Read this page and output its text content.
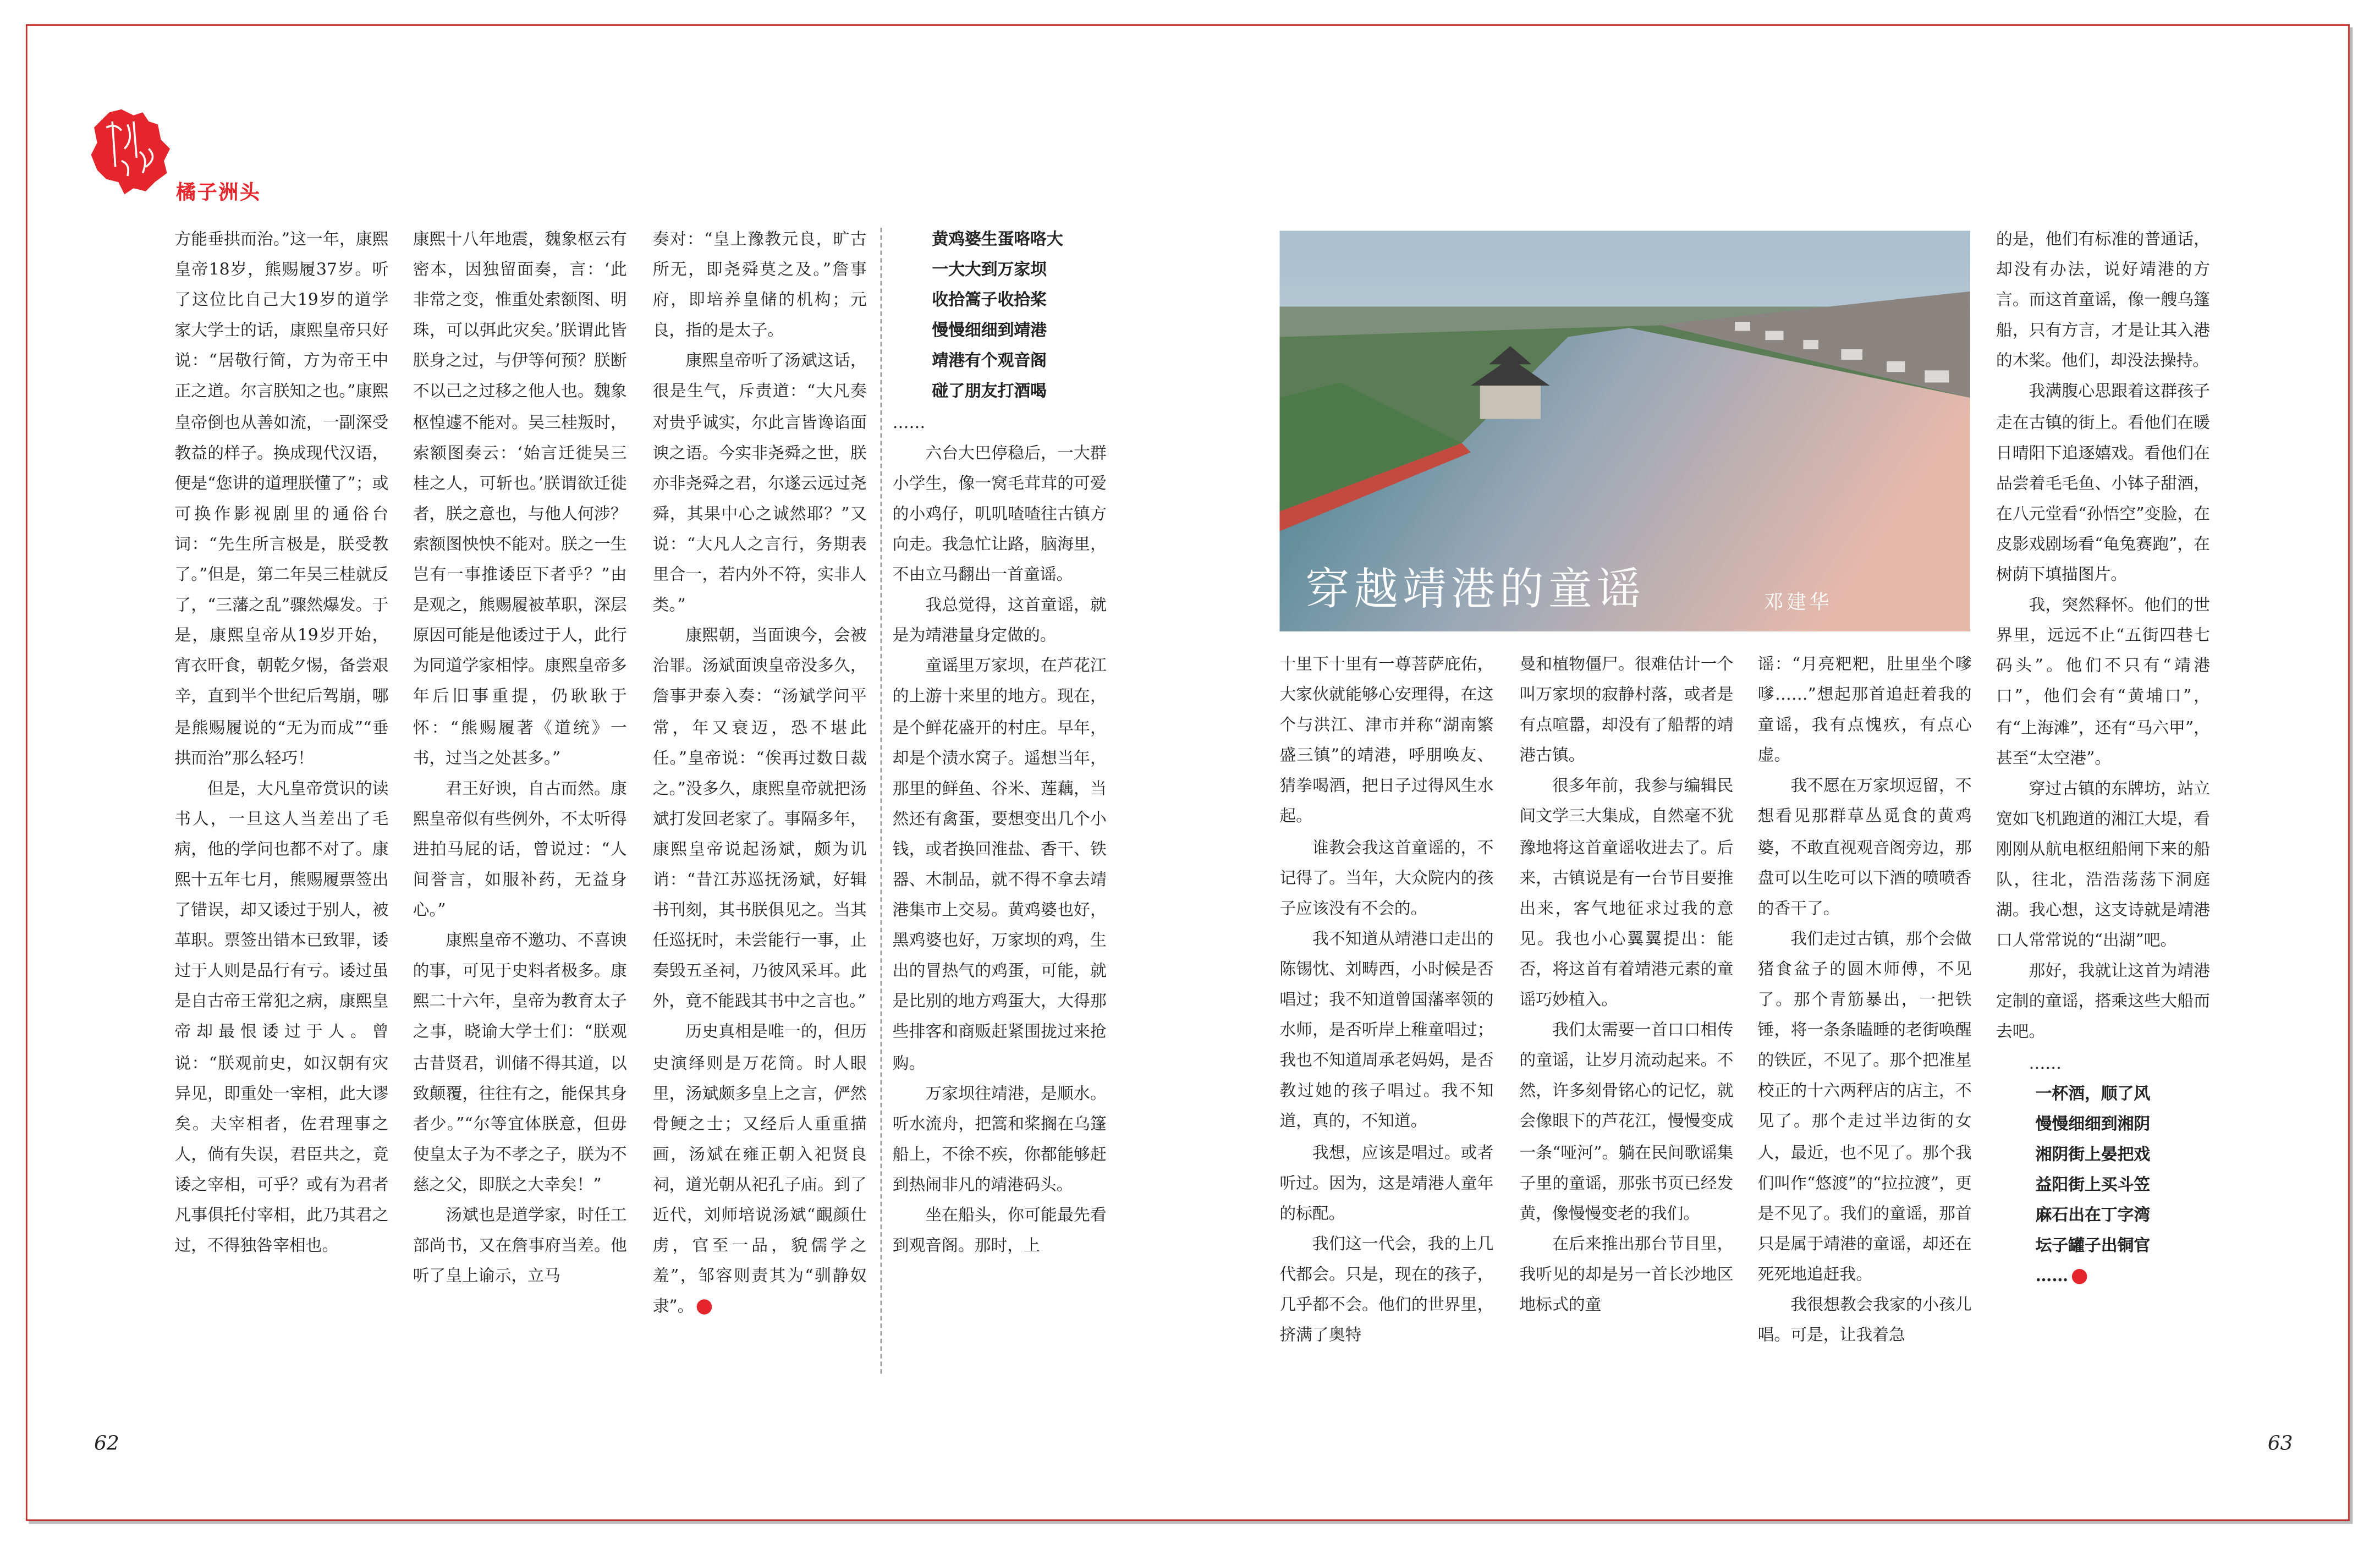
橘子洲头

方能垂拱而治。”这一年，康熙皇帝18岁，熊赐履37岁。听了这位比自己大19岁的道学家大学士的话，康熙皇帝只好说：“居敬行简，方为帝王中正之道。尔言朕知之也。”康熙皇帝倒也从善如流，一副深受教益的样子。换成现代汉语，便是“您讲的道理朕懂了”；或可换作影视剧里的通俗台词：“先生所言极是，朕受教了。”但是，第二年吴三桂就反了，“三藩之乱”骤然爆发。于是，康熙皇帝从19岁开始，宵衣旰食，朝乾夕惕，备尝艰辛，直到半个世纪后驾崩，哪是熊赐履说的“无为而成”“垂拱而治”那么轻巧！

但是，大凡皇帝赏识的读书人，一旦这人当差出了毛病，他的学问也都不对了。康熙十五年七月，熊赐履票签出了错误，却又诿过于别人，被革职。票签出错本已致罪，诿过于人则是品行有亏。诿过虽是自古帝王常犯之病，康熙皇帝却最恨诿过于人。曾说：“朕观前史，如汉朝有灾异见，即重处一宰相，此大谬矣。夫宰相者，佐君理事之人，倘有失误，君臣共之，竟诿之宰相，可乎？或有为君者凡事俱托付宰相，此乃其君之过，不得独咎宰相也。

康熙十八年地震，魏象枢云有密本，因独留面奏，言：‘此非常之变，惟重处索额图、明珠，可以弭此灾矣。’朕谓此皆朕身之过，与伊等何预？朕断不以己之过移之他人也。魏象枢惶遽不能对。吴三桂叛时，索额图奏云：‘始言迁徙吴三桂之人，可斩也。’朕谓欲迁徙者，朕之意也，与他人何涉？索额图怏怏不能对。朕之一生岂有一事推诿臣下者乎？”由是观之，熊赐履被革职，深层原因可能是他诿过于人，此行为同道学家相悖。康熙皇帝多年后旧事重提，仍耿耿于怀：“熊赐履著《道统》一书，过当之处甚多。”

君王好谀，自古而然。康熙皇帝似有些例外，不太听得进拍马屁的话，曾说过：“人间誉言，如服补药，无益身心。”

康熙皇帝不邀功、不喜谀的事，可见于史料者极多。康熙二十六年，皇帝为教育太子之事，晓谕大学士们：“朕观古昔贤君，训储不得其道，以致颠覆，往往有之，能保其身者少。”“尔等宜体朕意，但毋使皇太子为不孝之子，朕为不慈之父，即朕之大幸矣！”

汤斌也是道学家，时任工部尚书，又在詹事府当差。他听了皇上谕示，立马

奏对：“皇上豫教元良，旷古所无，即尧舜莫之及。”詹事府，即培养皇储的机构；元良，指的是太子。

康熙皇帝听了汤斌这话，很是生气，斥责道：“大凡奏对贵乎诚实，尔此言皆谗谄面谀之语。今实非尧舜之世，朕亦非尧舜之君，尔遂云远过尧舜，其果中心之诚然耶？”又说：“大凡人之言行，务期表里合一，若内外不符，实非人类。”

康熙朝，当面谀今，会被治罪。汤斌面谀皇帝没多久，詹事尹泰入奏：“汤斌学问平常，年又衰迈，恐不堪此任。”皇帝说：“俟再过数日裁之。”没多久，康熙皇帝就把汤斌打发回老家了。事隔多年，康熙皇帝说起汤斌，颇为讥诮：“昔江苏巡抚汤斌，好辑书刊刻，其书朕俱见之。当其任巡抚时，未尝能行一事，止奏毁五圣祠，乃彼风采耳。此外，竟不能践其书中之言也。”

历史真相是唯一的，但历史演绎则是万花筒。时人眼里，汤斌颇多皇上之言，俨然骨鲠之士；又经后人重重描画，汤斌在雍正朝入祀贤良祠，道光朝从祀孔子庙。到了近代，刘师培说汤斌“靦颜仕虏，官至一品，貌儒学之羞”，邹容则责其为“驯静奴隶”。

黄鸡婆生蛋咯咯大

一大大到万家坝

收拾篙子收拾桨

慢慢细细到靖港

靖港有个观音阁

碰了朋友打酒喝

……

六台大巴停稳后，一大群小学生，像一窝毛茸茸的可爱的小鸡仔，叽叽喳喳往古镇方向走。我急忙让路，脑海里，不由立马翻出一首童谣。

我总觉得，这首童谣，就是为靖港量身定做的。

童谣里万家坝，在芦花江的上游十来里的地方。现在，是个鲜花盛开的村庄。早年，却是个渍水窝子。遥想当年，那里的鲜鱼、谷米、莲藕，当然还有禽蛋，要想变出几个小钱，或者换回淮盐、香干、铁器、木制品，就不得不拿去靖港集市上交易。黄鸡婆也好，黑鸡婆也好，万家坝的鸡，生出的冒热气的鸡蛋，可能，就是比别的地方鸡蛋大，大得那些排客和商贩赶紧围拢过来抢购。

万家坝往靖港，是顺水。听水流舟，把篙和桨搁在乌篷船上，不徐不疾，你都能够赶到热闹非凡的靖港码头。

坐在船头，你可能最先看到观音阁。那时，上

穿越靖港的童谣	邓建华

十里下十里有一尊菩萨庇佑，大家伙就能够心安理得，在这个与洪江、津市并称“湖南繁盛三镇”的靖港，呼朋唤友、猜拳喝酒，把日子过得风生水起。

谁教会我这首童谣的，不记得了。当年，大众院内的孩子应该没有不会的。

我不知道从靖港口走出的陈锡忱、刘畴西，小时候是否唱过；我不知道曾国藩率领的水师，是否听岸上稚童唱过；我也不知道周承老妈妈，是否教过她的孩子唱过。我不知道，真的，不知道。

我想，应该是唱过。或者听过。因为，这是靖港人童年的标配。

我们这一代会，我的上几代都会。只是，现在的孩子，几乎都不会。他们的世界里，挤满了奥特

曼和植物僵尸。很难估计一个叫万家坝的寂静村落，或者是有点喧嚣，却没有了船帮的靖港古镇。

很多年前，我参与编辑民间文学三大集成，自然毫不犹豫地将这首童谣收进去了。后来，古镇说是有一台节目要推出来，客气地征求过我的意见。我也小心翼翼提出：能否，将这首有着靖港元素的童谣巧妙植入。

我们太需要一首口口相传的童谣，让岁月流动起来。不然，许多刻骨铭心的记忆，就会像眼下的芦花江，慢慢变成一条“哑河”。躺在民间歌谣集子里的童谣，那张书页已经发黄，像慢慢变老的我们。

在后来推出那台节目里，我听见的却是另一首长沙地区地标式的童

谣：“月亮粑粑，肚里坐个嗲嗲……”想起那首追赶着我的童谣，我有点愧疚，有点心虚。

我不愿在万家坝逗留，不想看见那群草丛觅食的黄鸡婆，不敢直视观音阁旁边，那盘可以生吃可以下酒的喷喷香的香干了。

我们走过古镇，那个会做猪食盆子的圆木师傅，不见了。那个青筋暴出，一把铁锤，将一条条瞌睡的老街唤醒的铁匠，不见了。那个把准星校正的十六两秤店的店主，不见了。那个走过半边街的女人，最近，也不见了。那个我们叫作“悠渡”的“拉拉渡”，更是不见了。我们的童谣，那首只是属于靖港的童谣，却还在死死地追赶我。

我很想教会我家的小孩儿唱。可是，让我着急

的是，他们有标准的普通话，却没有办法，说好靖港的方言。而这首童谣，像一艘乌篷船，只有方言，才是让其入港的木桨。他们，却没法操持。

我满腹心思跟着这群孩子走在古镇的街上。看他们在暖日晴阳下追逐嬉戏。看他们在品尝着毛毛鱼、小钵子甜酒，在八元堂看“孙悟空”变脸，在皮影戏剧场看“龟兔赛跑”，在树荫下填描图片。

我，突然释怀。他们的世界里，远远不止“五街四巷七码头”。他们不只有“靖港口”，他们会有“黄埔口”，有“上海滩”，还有“马六甲”，甚至“太空港”。

穿过古镇的东牌坊，站立宽如飞机跑道的湘江大堤，看刚刚从航电枢纽船闸下来的船队，往北，浩浩荡荡下洞庭湖。我心想，这支诗就是靖港口人常常说的“出湖”吧。

那好，我就让这首为靖港定制的童谣，搭乘这些大船而去吧。

　　……

一杯酒，顺了风

慢慢细细到湘阴

湘阴街上晏把戏

益阳街上买斗笠

麻石出在丁字湾

坛子罐子出铜官

……

62	63
